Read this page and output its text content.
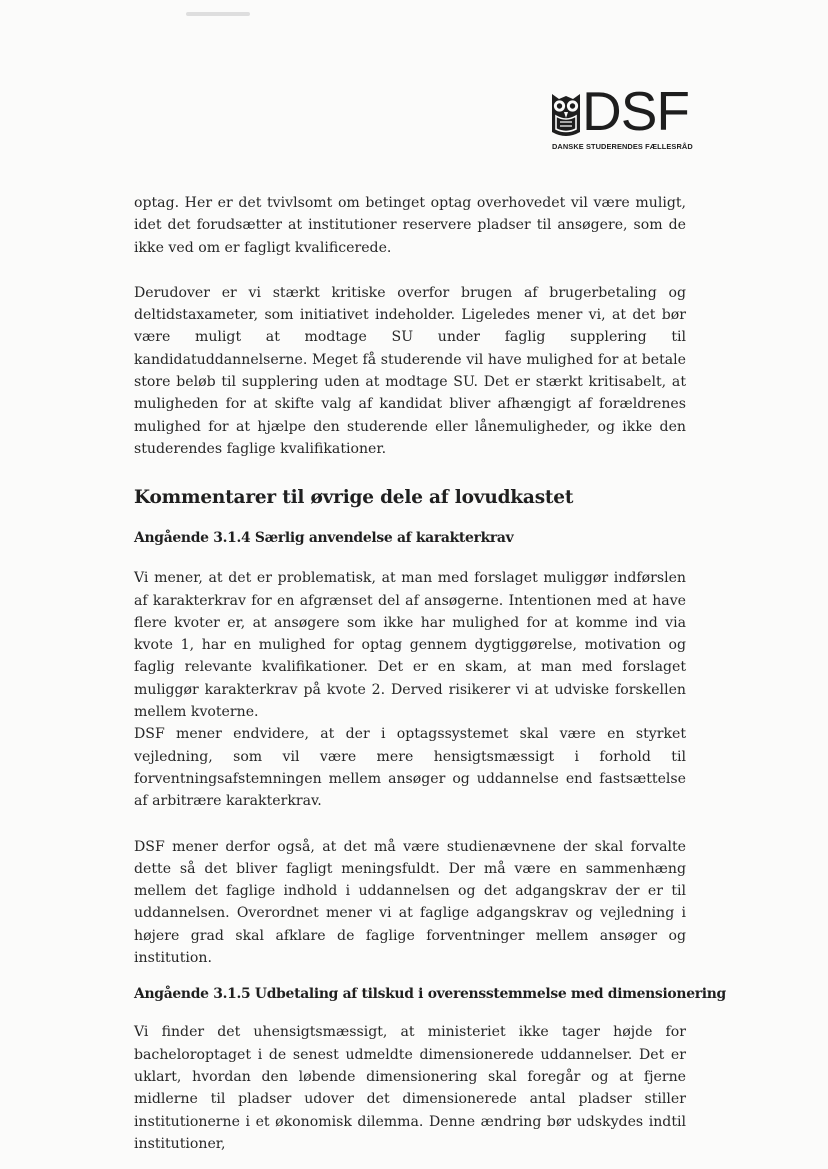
DSF
DANSKE STUDERENDES FÆLLESRÅD

optag. Her er det tvivlsomt om betinget optag overhovedet vil være muligt, idet det forudsætter at institutioner reservere pladser til ansøgere, som de ikke ved om er fagligt kvalificerede.

Derudover er vi stærkt kritiske overfor brugen af brugerbetaling og deltidstaxameter, som initiativet indeholder. Ligeledes mener vi, at det bør være muligt at modtage SU under faglig supplering til kandidatuddannelserne. Meget få studerende vil have mulighed for at betale store beløb til supplering uden at modtage SU. Det er stærkt kritisabelt, at muligheden for at skifte valg af kandidat bliver afhængigt af forældrenes mulighed for at hjælpe den studerende eller lånemuligheder, og ikke den studerendes faglige kvalifikationer.

Kommentarer til øvrige dele af lovudkastet
Angående 3.1.4 Særlig anvendelse af karakterkrav

Vi mener, at det er problematisk, at man med forslaget muliggør indførslen af karakterkrav for en afgrænset del af ansøgerne. Intentionen med at have flere kvoter er, at ansøgere som ikke har mulighed for at komme ind via kvote 1, har en mulighed for optag gennem dygtiggørelse, motivation og faglig relevante kvalifikationer. Det er en skam, at man med forslaget muliggør karakterkrav på kvote 2. Derved risikerer vi at udviske forskellen mellem kvoterne.

DSF mener endvidere, at der i optagssystemet skal være en styrket vejledning, som vil være mere hensigtsmæssigt i forhold til forventningsafstemningen mellem ansøger og uddannelse end fastsættelse af arbitrære karakterkrav.

DSF mener derfor også, at det må være studienævnene der skal forvalte dette så det bliver fagligt meningsfuldt. Der må være en sammenhæng mellem det faglige indhold i uddannelsen og det adgangskrav der er til uddannelsen. Overordnet mener vi at faglige adgangskrav og vejledning i højere grad skal afklare de faglige forventninger mellem ansøger og institution.

Angående 3.1.5 Udbetaling af tilskud i overensstemmelse med dimensionering

Vi finder det uhensigtsmæssigt, at ministeriet ikke tager højde for bacheloroptaget i de senest udmeldte dimensionerede uddannelser. Det er uklart, hvordan den løbende dimensionering skal foregår og at fjerne midlerne til pladser udover det dimensionerede antal pladser stiller institutionerne i et økonomisk dilemma. Denne ændring bør udskydes indtil institutioner,
